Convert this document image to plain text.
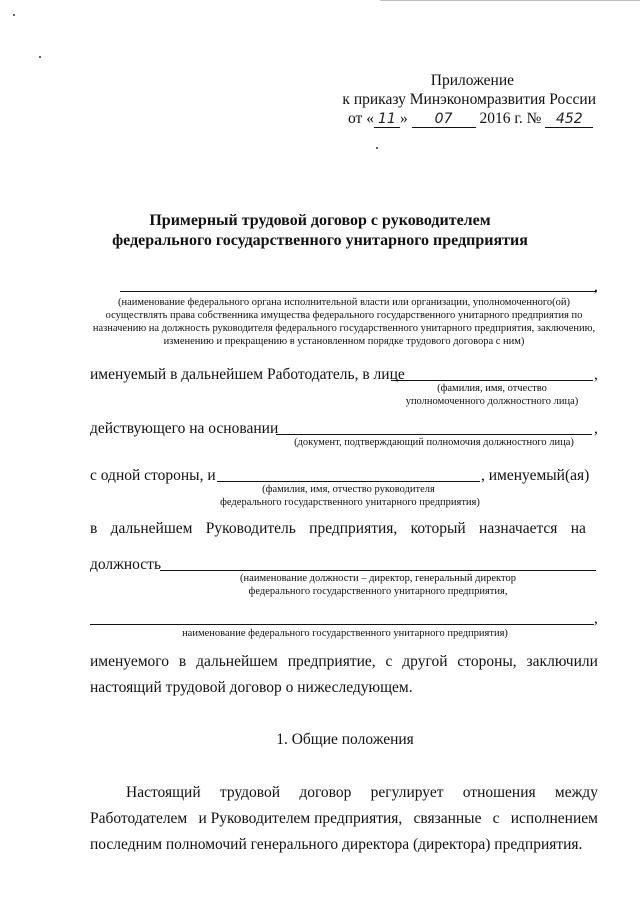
Приложение
к приказу Минэкономразвития России
от « 11 » 07 2016 г. № 452
Примерный трудовой договор с руководителем
федерального государственного унитарного предприятия
,
(наименование федерального органа исполнительной власти или организации, уполномоченного(ой) осуществлять права собственника имущества федерального государственного унитарного предприятия по назначению на должность руководителя федерального государственного унитарного предприятия, заключению, изменению и прекращению в установленном порядке трудового договора с ним)
именуемый в дальнейшем Работодатель, в лице	,
(фамилия, имя, отчество
уполномоченного должностного лица)
действующего на основании	,
(документ, подтверждающий полномочия должностного лица)
с одной стороны, и	, именуемый(ая)
(фамилия, имя, отчество руководителя
федерального государственного унитарного предприятия)
в дальнейшем Руководитель предприятия, который назначается на
должность
(наименование должности – директор, генеральный директор
федерального государственного унитарного предприятия,
,
наименование федерального государственного унитарного предприятия)
именуемого в дальнейшем предприятие, с другой стороны, заключили
настоящий трудовой договор о нижеследующем.
1. Общие положения
Настоящий трудовой договор регулирует отношения между
Работодателем и Руководителем предприятия, связанные с исполнением
последним полномочий генерального директора (директора) предприятия.
